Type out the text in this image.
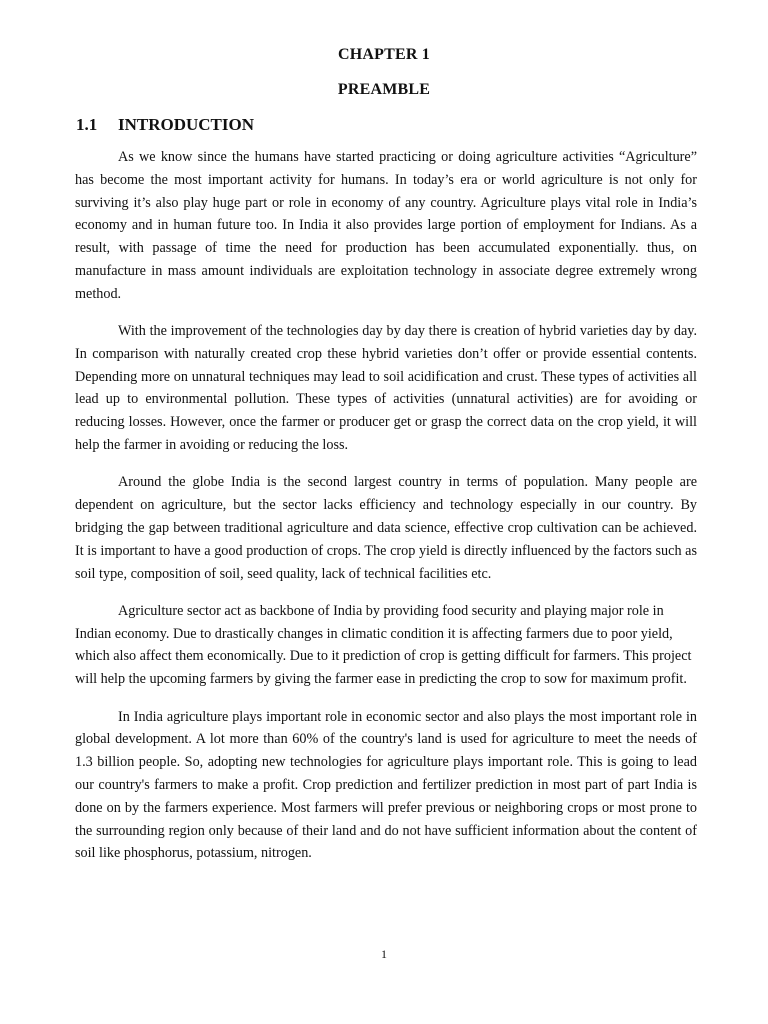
CHAPTER 1
PREAMBLE
1.1 INTRODUCTION

As we know since the humans have started practicing or doing agriculture activities “Agriculture” has become the most important activity for humans. In today’s era or world agriculture is not only for surviving it’s also play huge part or role in economy of any country. Agriculture plays vital role in India’s economy and in human future too. In India it also provides large portion of employment for Indians. As a result, with passage of time the need for production has been accumulated exponentially. thus, on manufacture in mass amount individuals are exploitation technology in associate degree extremely wrong method.

With the improvement of the technologies day by day there is creation of hybrid varieties day by day. In comparison with naturally created crop these hybrid varieties don’t offer or provide essential contents. Depending more on unnatural techniques may lead to soil acidification and crust. These types of activities all lead up to environmental pollution. These types of activities (unnatural activities) are for avoiding or reducing losses. However, once the farmer or producer get or grasp the correct data on the crop yield, it will help the farmer in avoiding or reducing the loss.

Around the globe India is the second largest country in terms of population. Many people are dependent on agriculture, but the sector lacks efficiency and technology especially in our country. By bridging the gap between traditional agriculture and data science, effective crop cultivation can be achieved. It is important to have a good production of crops. The crop yield is directly influenced by the factors such as soil type, composition of soil, seed quality, lack of technical facilities etc.

Agriculture sector act as backbone of India by providing food security and playing major role in Indian economy. Due to drastically changes in climatic condition it is affecting farmers due to poor yield, which also affect them economically. Due to it prediction of crop is getting difficult for farmers. This project will help the upcoming farmers by giving the farmer ease in predicting the crop to sow for maximum profit.

In India agriculture plays important role in economic sector and also plays the most important role in global development. A lot more than 60% of the country's land is used for agriculture to meet the needs of 1.3 billion people. So, adopting new technologies for agriculture plays important role. This is going to lead our country's farmers to make a profit. Crop prediction and fertilizer prediction in most part of part India is done on by the farmers experience. Most farmers will prefer previous or neighboring crops or most prone to the surrounding region only because of their land and do not have sufficient information about the content of soil like phosphorus, potassium, nitrogen.

1
